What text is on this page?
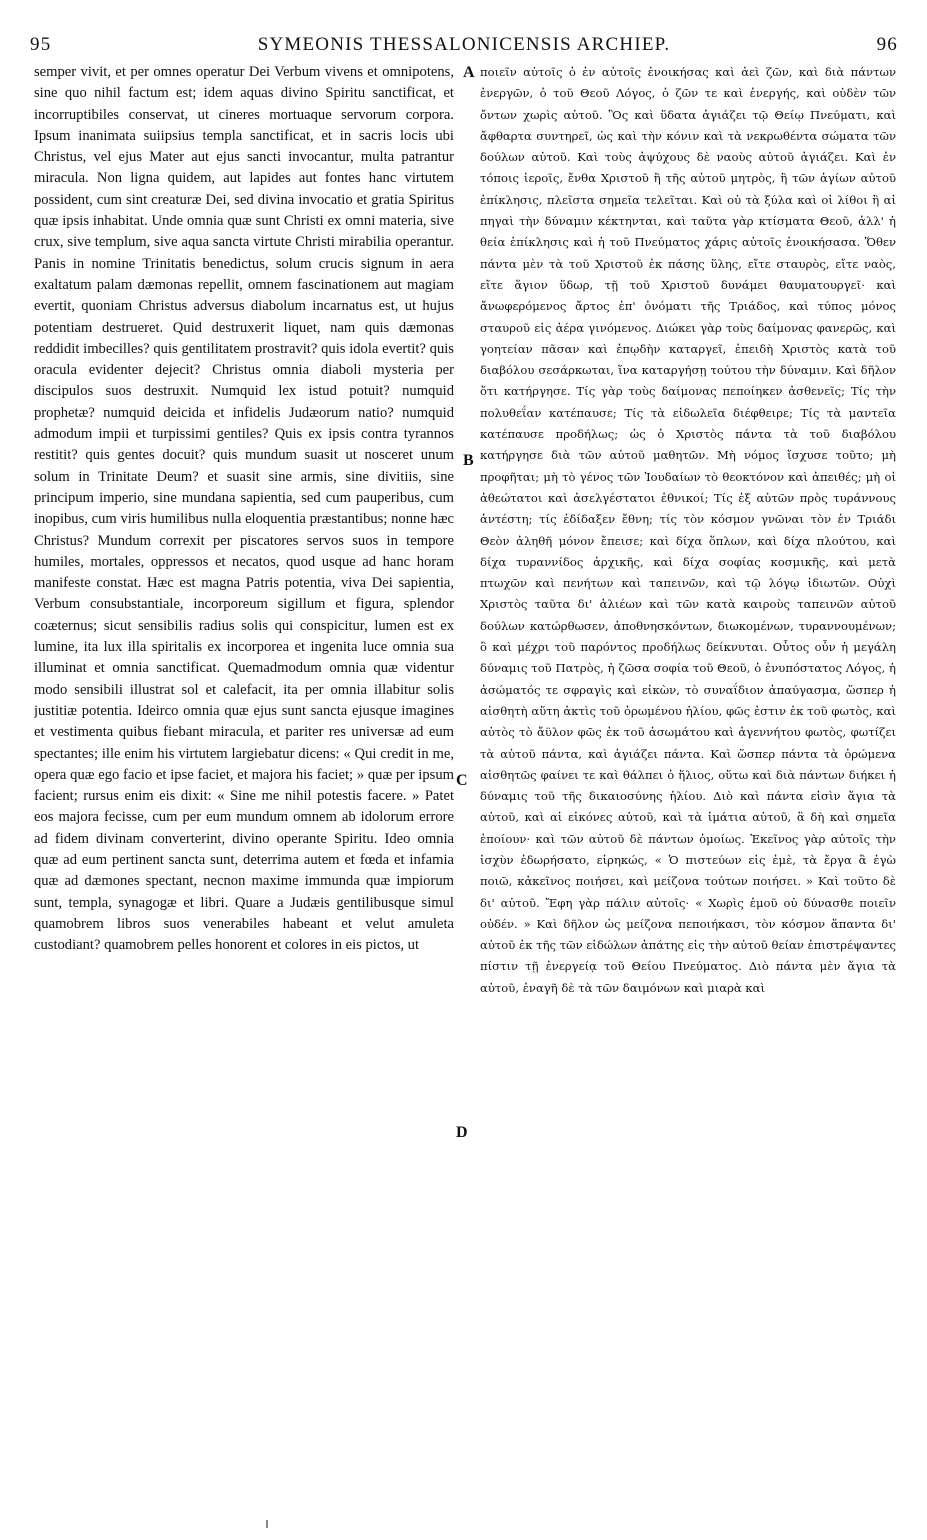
95	SYMEONIS THESSALONICENSIS ARCHIEP.	96

semper vivit, et per omnes operatur Dei Verbum vivens et omnipotens, sine quo nihil factum est; idem aquas divino Spiritu sanctificat, et incorruptibiles conservat, ut cineres mortuaque servorum corpora. Ipsum inanimata suiipsius templa sanctificat, et in sacris locis ubi Christus, vel ejus Mater aut ejus sancti invocantur, multa patrantur miracula. Non ligna quidem, aut lapides aut fontes hanc virtutem possident, cum sint creaturæ Dei, sed divina invocatio et gratia Spiritus quæ ipsis inhabitat. Unde omnia quæ sunt Christi ex omni materia, sive crux, sive templum, sive aqua sancta virtute Christi mirabilia operantur. Panis in nomine Trinitatis benedictus, solum crucis signum in aera exaltatum palam dæmonas repellit, omnem fascinationem aut magiam evertit, quoniam Christus adversus diabolum incarnatus est, ut hujus potentiam destrueret. Quid destruxerit liquet, nam quis dæmonas reddidit imbecilles? quis gentilitatem prostravit? quis idola evertit? quis oracula evidenter dejecit? Christus omnia diaboli mysteria per discipulos suos destruxit. Numquid lex istud potuit? numquid prophetæ? numquid deicida et infidelis Judæorum natio? numquid admodum impii et turpissimi gentiles? Quis ex ipsis contra tyrannos restitit? quis gentes docuit? quis mundum suasit ut nosceret unum solum in Trinitate Deum? et suasit sine armis, sine divitiis, sine principum imperio, sine mundana sapientia, sed cum pauperibus, cum inopibus, cum viris humilibus nulla eloquentia præstantibus; nonne hæc Christus? Mundum correxit per piscatores servos suos in tempore humiles, mortales, oppressos et necatos, quod usque ad hanc horam manifeste constat. Hæc est magna Patris potentia, viva Dei sapientia, Verbum consubstantiale, incorporeum sigillum et figura, splendor coæternus; sicut sensibilis radius solis qui conspicitur, lumen est ex lumine, ita lux illa spiritalis ex incorporea et ingenita luce omnia sua illuminat et omnia sanctificat. Quemadmodum omnia quæ videntur modo sensibili illustrat sol et calefacit, ita per omnia illabitur solis justitiæ potentia. Ideirco omnia quæ ejus sunt sancta ejusque imagines et vestimenta quibus fiebant miracula, et pariter res universæ ad eum spectantes; ille enim his virtutem largiebatur dicens: « Qui credit in me, opera quæ ego facio et ipse faciet, et majora his faciet; » quæ per ipsum facient; rursus enim eis dixit: « Sine me nihil potestis facere. » Patet eos majora fecisse, cum per eum mundum omnem ab idolorum errore ad fidem divinam converterint, divino operante Spiritu. Ideo omnia quæ ad eum pertinent sancta sunt, deterrima autem et fœda et infamia quæ ad dæmones spectant, necnon maxime immunda quæ impiorum sunt, templa, synagogæ et libri. Quare a Judæis gentilibusque simul quamobrem libros suos venerabiles habeant et velut amuleta custodiant? quamobrem pelles honorent et colores in eis pictos, ut

A
B
C
D

ποιεῖν αὐτοῖς ὁ ἐν αὐτοῖς ἐνοικήσας καὶ ἀεὶ ζῶν, καὶ διὰ πάντων ἐνεργῶν, ὁ τοῦ Θεοῦ Λόγος, ὁ ζῶν τε καὶ ἐνεργής, καὶ οὐδὲν τῶν ὄντων χωρὶς αὐτοῦ. Ὃς καὶ ὕδατα ἁγιάζει τῷ Θείῳ Πνεύματι, καὶ ἄφθαρτα συντηρεῖ, ὡς καὶ τὴν κόνιν καὶ τὰ νεκρωθέντα σώματα τῶν δούλων αὐτοῦ. Καὶ τοὺς ἀψύχους δὲ ναοὺς αὐτοῦ ἁγιάζει. Καὶ ἐν τόποις ἱεροῖς, ἔνθα Χριστοῦ ἢ τῆς αὐτοῦ μητρὸς, ἢ τῶν ἁγίων αὐτοῦ ἐπίκλησις, πλεῖστα σημεῖα τελεῖται. Καὶ οὐ τὰ ξύλα καὶ οἱ λίθοι ἢ αἱ πηγαὶ τὴν δύναμιν κέκτηνται, καὶ ταῦτα γὰρ κτίσματα Θεοῦ, ἀλλ' ἡ θεία ἐπίκλησις καὶ ἡ τοῦ Πνεύματος χάρις αὐτοῖς ἐνοικήσασα. Ὅθεν πάντα μὲν τὰ τοῦ Χριστοῦ ἐκ πάσης ὕλης, εἴτε σταυρὸς, εἴτε ναὸς, εἴτε ἅγιον ὕδωρ, τῇ τοῦ Χριστοῦ δυνάμει θαυματουργεῖ· καὶ ἄνωφερόμενος ἄρτος ἐπ' ὀνόματι τῆς Τριάδος, καὶ τύπος μόνος σταυροῦ εἰς ἀέρα γινόμενος. Διώκει γὰρ τοὺς δαίμονας φανερῶς, καὶ γοητείαν πᾶσαν καὶ ἐπῳδὴν καταργεῖ, ἐπειδὴ Χριστὸς κατὰ τοῦ διαβόλου σεσάρκωται, ἵνα καταργήσῃ τούτου τὴν δύναμιν. Καὶ δῆλον ὅτι κατήργησε. Τίς γὰρ τοὺς δαίμονας πεποίηκεν ἀσθενεῖς; Τίς τὴν πολυθεΐαν κατέπαυσε; Τίς τὰ εἰδωλεῖα διέφθειρε; Τίς τὰ μαντεῖα κατέπαυσε προδήλως; ὡς ὁ Χριστὸς πάντα τὰ τοῦ διαβόλου κατήργησε διὰ τῶν αὐτοῦ μαθητῶν. Μὴ νόμος ἴσχυσε τοῦτο; μὴ προφῆται; μὴ τὸ γένος τῶν Ἰουδαίων τὸ θεοκτόνον καὶ ἀπειθές; μὴ οἱ ἀθεώτατοι καὶ ἀσελγέστατοι ἐθνικοί; Τίς ἐξ αὐτῶν πρὸς τυράννους ἀντέστη; τίς ἐδίδαξεν ἔθνη; τίς τὸν κόσμον γνῶναι τὸν ἐν Τριάδι Θεὸν ἀληθῆ μόνον ἔπεισε; καὶ δίχα ὅπλων, καὶ δίχα πλούτου, καὶ δίχα τυραννίδος ἀρχικῆς, καὶ δίχα σοφίας κοσμικῆς, καὶ μετὰ πτωχῶν καὶ πενήτων καὶ ταπεινῶν, καὶ τῷ λόγῳ ἰδιωτῶν. Οὐχὶ Χριστὸς ταῦτα δι' ἁλιέων καὶ τῶν κατὰ καιροὺς ταπεινῶν αὐτοῦ δούλων κατώρθωσεν, ἀποθνησκόντων, διωκομένων, τυραννουμένων; ὃ καὶ μέχρι τοῦ παρόντος προδήλως δείκνυται. Οὗτος οὖν ἡ μεγάλη δύναμις τοῦ Πατρὸς, ἡ ζῶσα σοφία τοῦ Θεοῦ, ὁ ἐνυπόστατος Λόγος, ἡ ἀσώματός τε σφραγὶς καὶ εἰκὼν, τὸ συναΐδιον ἀπαύγασμα, ὥσπερ ἡ αἰσθητὴ αὕτη ἀκτὶς τοῦ ὁρωμένου ἡλίου, φῶς ἐστιν ἐκ τοῦ φωτὸς, καὶ αὐτὸς τὸ ἄϋλον φῶς ἐκ τοῦ ἀσωμάτου καὶ ἀγεννήτου φωτὸς, φωτίζει τὰ αὐτοῦ πάντα, καὶ ἁγιάζει πάντα. Καὶ ὥσπερ πάντα τὰ ὁρώμενα αἰσθητῶς φαίνει τε καὶ θάλπει ὁ ἥλιος, οὕτω καὶ διὰ πάντων διήκει ἡ δύναμις τοῦ τῆς δικαιοσύνης ἡλίου. Διὸ καὶ πάντα εἰσὶν ἅγια τὰ αὐτοῦ, καὶ αἱ εἰκόνες αὐτοῦ, καὶ τὰ ἱμάτια αὐτοῦ, ἃ δὴ καὶ σημεῖα ἐποίουν· καὶ τῶν αὐτοῦ δὲ πάντων ὁμοίως. Ἐκεῖνος γὰρ αὐτοῖς τὴν ἰσχὺν ἐδωρήσατο, εἰρηκώς, « Ὁ πιστεύων εἰς ἐμὲ, τὰ ἔργα ἃ ἐγὼ ποιῶ, κἀκεῖνος ποιήσει, καὶ μείζονα τούτων ποιήσει. » Καὶ τοῦτο δὲ δι' αὐτοῦ. Ἔφη γὰρ πάλιν αὐτοῖς· « Χωρὶς ἐμοῦ οὐ δύνασθε ποιεῖν οὐδέν. » Καὶ δῆλον ὡς μείζονα πεποιήκασι, τὸν κόσμον ἅπαντα δι' αὐτοῦ ἐκ τῆς τῶν εἰδώλων ἀπάτης εἰς τὴν αὐτοῦ θείαν ἐπιστρέψαντες πίστιν τῇ ἐνεργείᾳ τοῦ Θείου Πνεύματος. Διὸ πάντα μὲν ἅγια τὰ αὐτοῦ, ἐναγῆ δὲ τὰ τῶν δαιμόνων καὶ μιαρὰ καὶ
